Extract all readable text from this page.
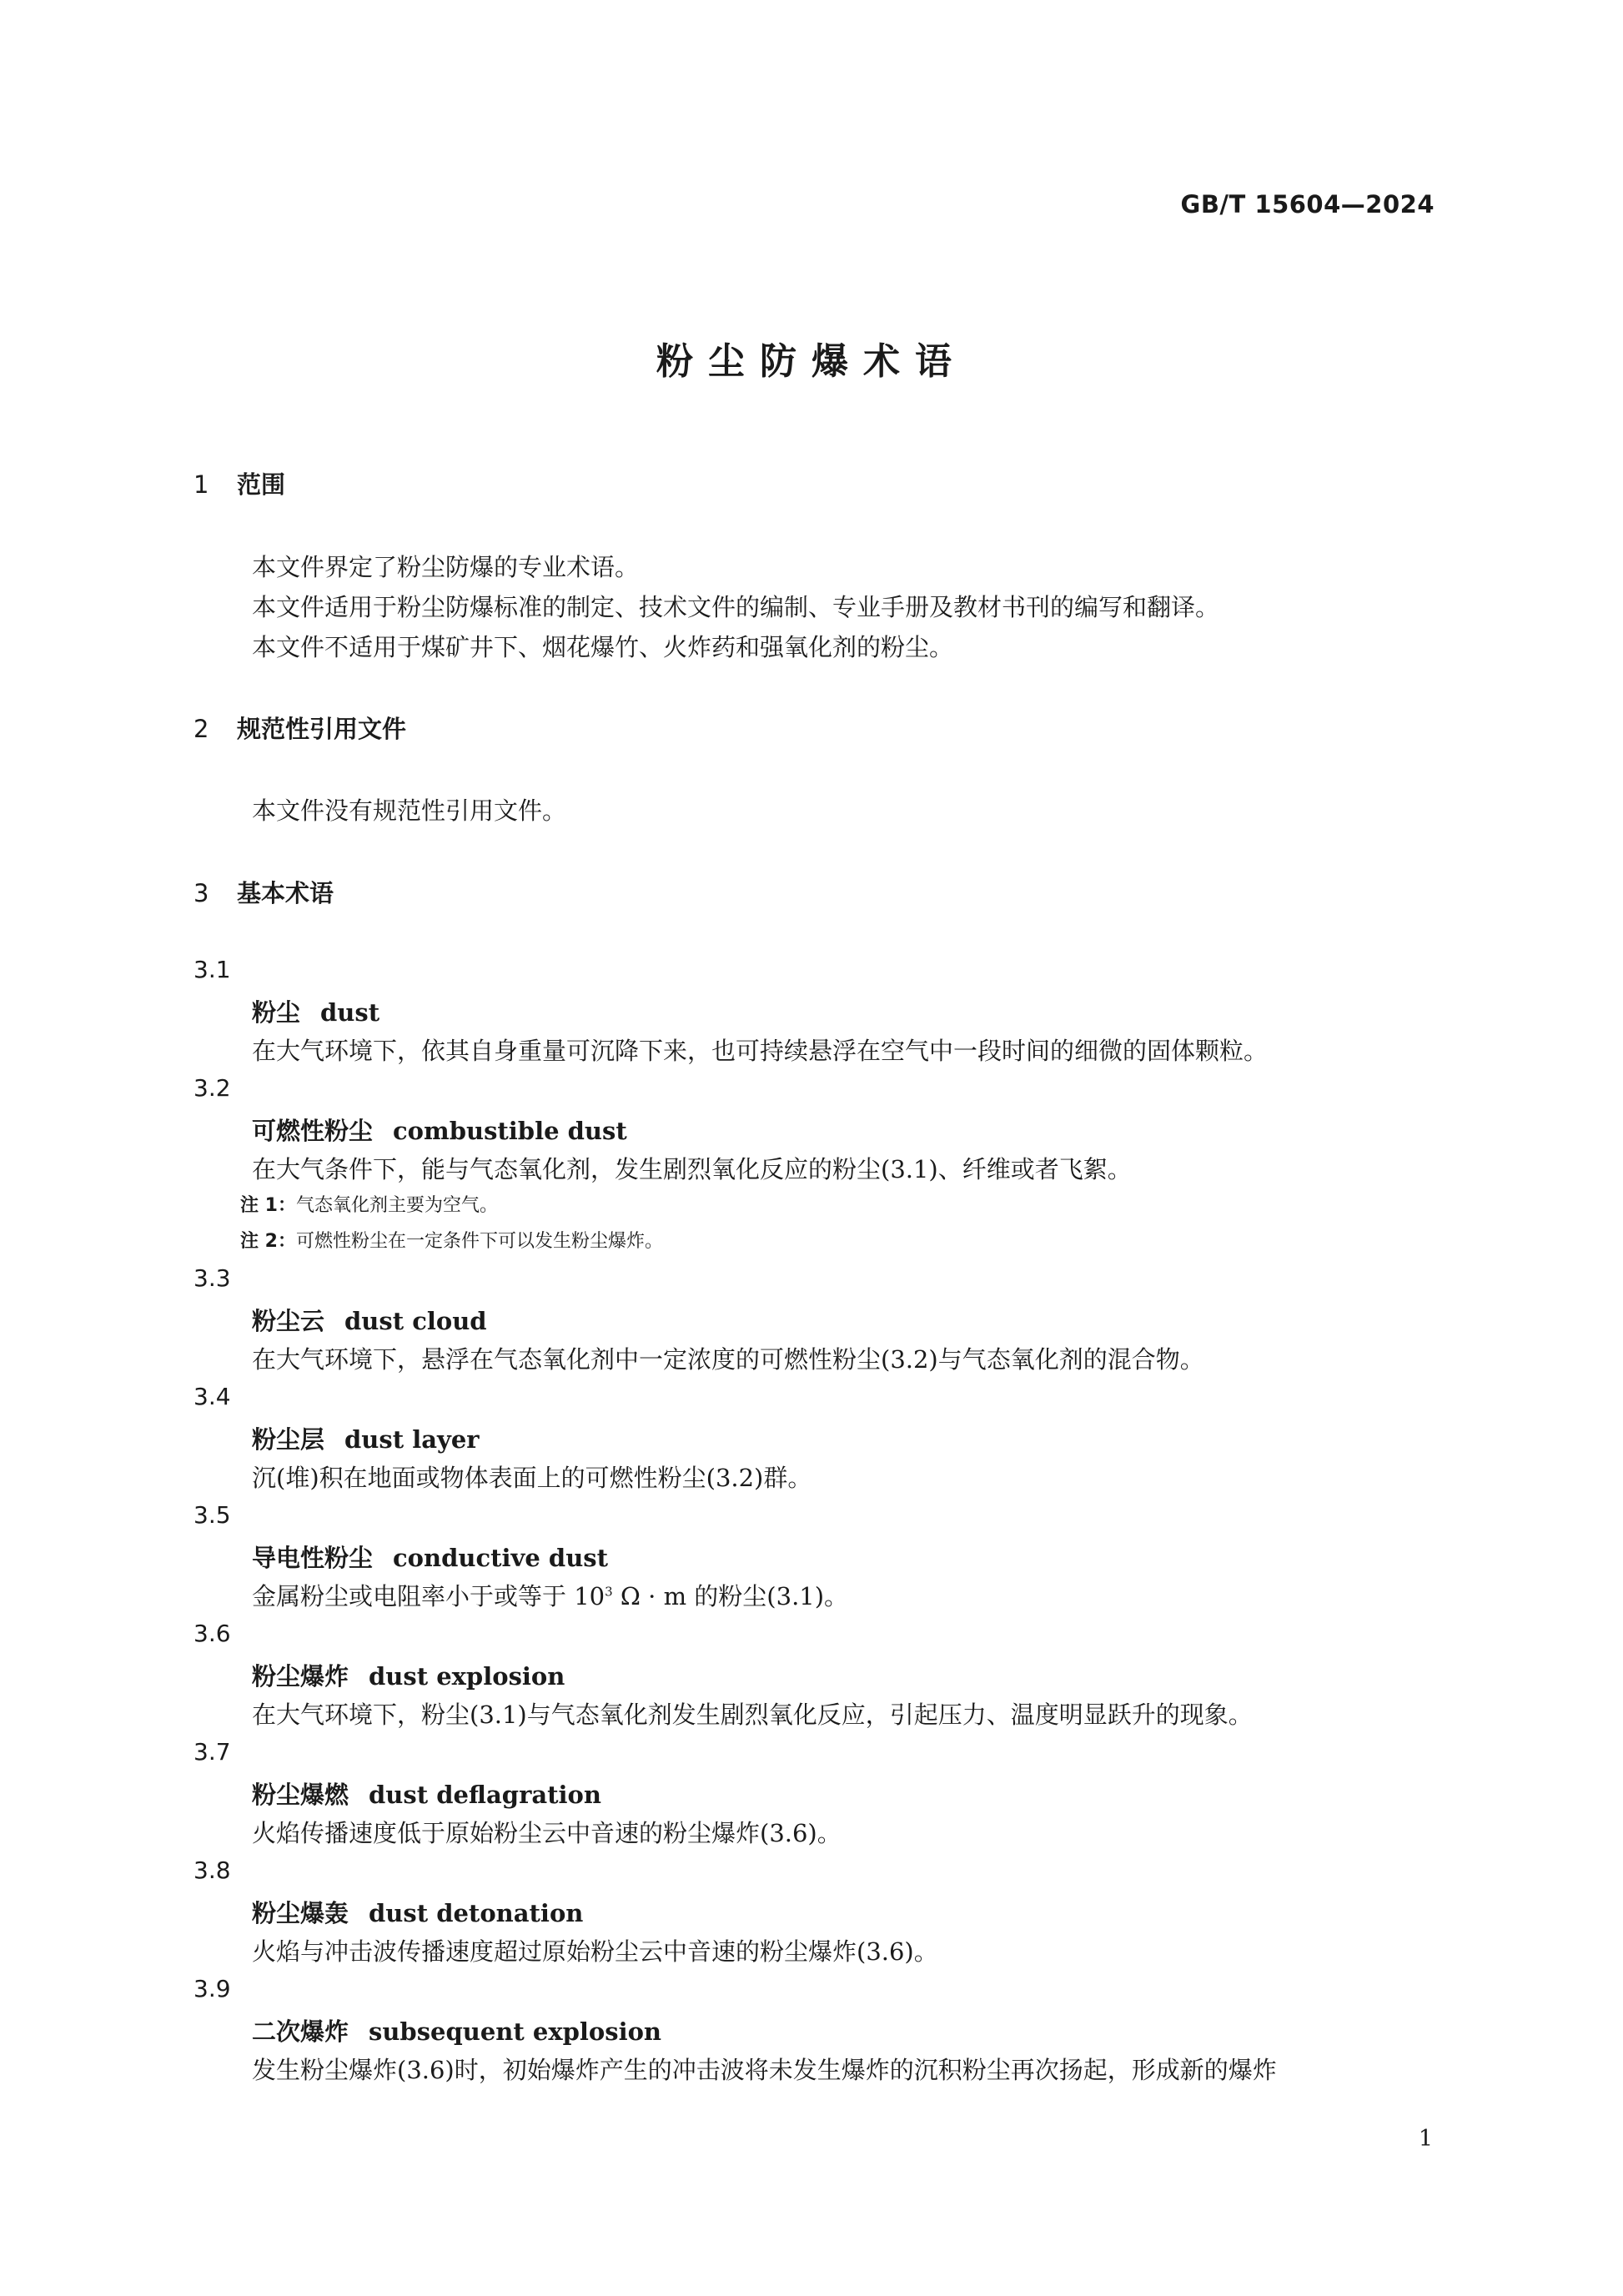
GB/T 15604—2024
粉尘防爆术语
1 范围
本文件界定了粉尘防爆的专业术语。
本文件适用于粉尘防爆标准的制定、技术文件的编制、专业手册及教材书刊的编写和翻译。
本文件不适用于煤矿井下、烟花爆竹、火炸药和强氧化剂的粉尘。
2 规范性引用文件
本文件没有规范性引用文件。
3 基本术语
3.1
粉尘 dust
在大气环境下，依其自身重量可沉降下来，也可持续悬浮在空气中一段时间的细微的固体颗粒。
3.2
可燃性粉尘 combustible dust
在大气条件下，能与气态氧化剂，发生剧烈氧化反应的粉尘(3.1)、纤维或者飞絮。
注 1：气态氧化剂主要为空气。
注 2：可燃性粉尘在一定条件下可以发生粉尘爆炸。
3.3
粉尘云 dust cloud
在大气环境下，悬浮在气态氧化剂中一定浓度的可燃性粉尘(3.2)与气态氧化剂的混合物。
3.4
粉尘层 dust layer
沉(堆)积在地面或物体表面上的可燃性粉尘(3.2)群。
3.5
导电性粉尘 conductive dust
金属粉尘或电阻率小于或等于 $10^3$ Ω · m 的粉尘(3.1)。
3.6
粉尘爆炸 dust explosion
在大气环境下，粉尘(3.1)与气态氧化剂发生剧烈氧化反应，引起压力、温度明显跃升的现象。
3.7
粉尘爆燃 dust deflagration
火焰传播速度低于原始粉尘云中音速的粉尘爆炸(3.6)。
3.8
粉尘爆轰 dust detonation
火焰与冲击波传播速度超过原始粉尘云中音速的粉尘爆炸(3.6)。
3.9
二次爆炸 subsequent explosion
发生粉尘爆炸(3.6)时，初始爆炸产生的冲击波将未发生爆炸的沉积粉尘再次扬起，形成新的爆炸
1
